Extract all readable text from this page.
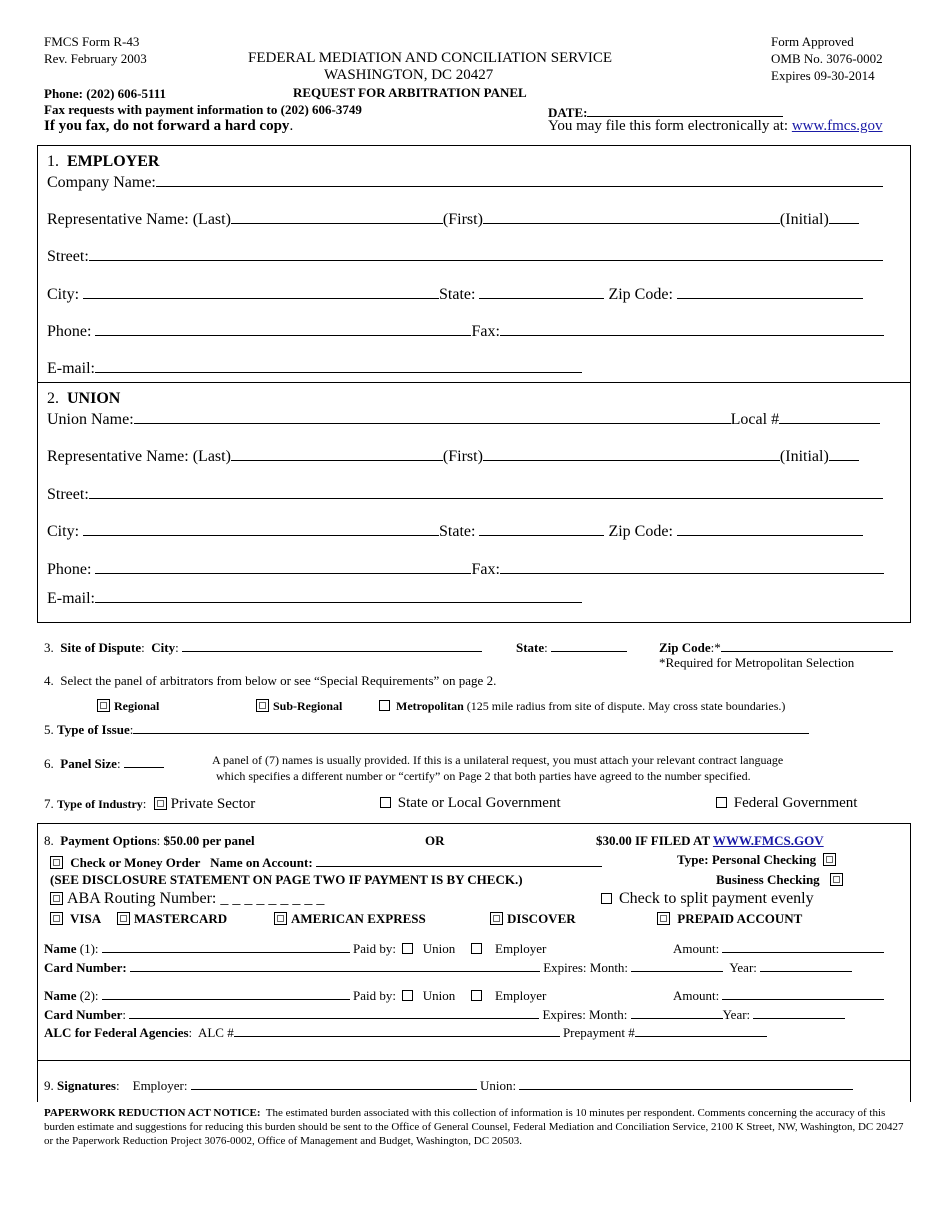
FMCS Form R-43
Rev. February 2003	FEDERAL MEDIATION AND CONCILIATION SERVICE
WASHINGTON, DC 20427
REQUEST FOR ARBITRATION PANEL
Form Approved
OMB No. 3076-0002
Expires 09-30-2014
Phone: (202) 606-5111
Fax requests with payment information to (202) 606-3749
If you fax, do not forward a hard copy.
DATE:
You may file this form electronically at: www.fmcs.gov
1. EMPLOYER
Company Name:
Representative Name: (Last)	(First)	(Initial)
Street:
City:	State:	Zip Code:
Phone:	Fax:
E-mail:
2. UNION
Union Name:	Local #
Representative Name: (Last)	(First)	(Initial)
Street:
City:	State:	Zip Code:
Phone:	Fax:
E-mail:
3. Site of Dispute:  City:	State:	Zip Code:*
*Required for Metropolitan Selection
4. Select the panel of arbitrators from below or see “Special Requirements” on page 2.
Regional	Sub-Regional	Metropolitan (125 mile radius from site of dispute. May cross state boundaries.)
5. Type of Issue:
6. Panel Size:	A panel of (7) names is usually provided. If this is a unilateral request, you must attach your relevant contract language
which specifies a different number or “certify” on Page 2 that both parties have agreed to the number specified.
7. Type of Industry: Private Sector	State or Local Government	Federal Government
8. Payment Options: $50.00 per panel	OR	$30.00 IF FILED AT WWW.FMCS.GOV
Check or Money Order Name on Account:	Type: Personal Checking
(SEE DISCLOSURE STATEMENT ON PAGE TWO IF PAYMENT IS BY CHECK.)	Business Checking
ABA Routing Number: _ _ _ _ _ _ _ _ _	Check to split payment evenly
VISA	MASTERCARD	AMERICAN EXPRESS	DISCOVER	PREPAID ACCOUNT
Name (1):	Paid by: Union	Employer	Amount:
Card Number:	Expires: Month:	Year:
Name (2):	Paid by: Union	Employer	Amount:
Card Number:	Expires: Month:	Year:
ALC for Federal Agencies:  ALC #	Prepayment #
9. Signatures:    Employer:	Union:
PAPERWORK REDUCTION ACT NOTICE: The estimated burden associated with this collection of information is 10 minutes per respondent. Comments concerning the accuracy of this burden estimate and suggestions for reducing this burden should be sent to the Office of General Counsel, Federal Mediation and Conciliation Service, 2100 K Street, NW, Washington, DC 20427 or the Paperwork Reduction Project 3076-0002, Office of Management and Budget, Washington, DC 20503.
